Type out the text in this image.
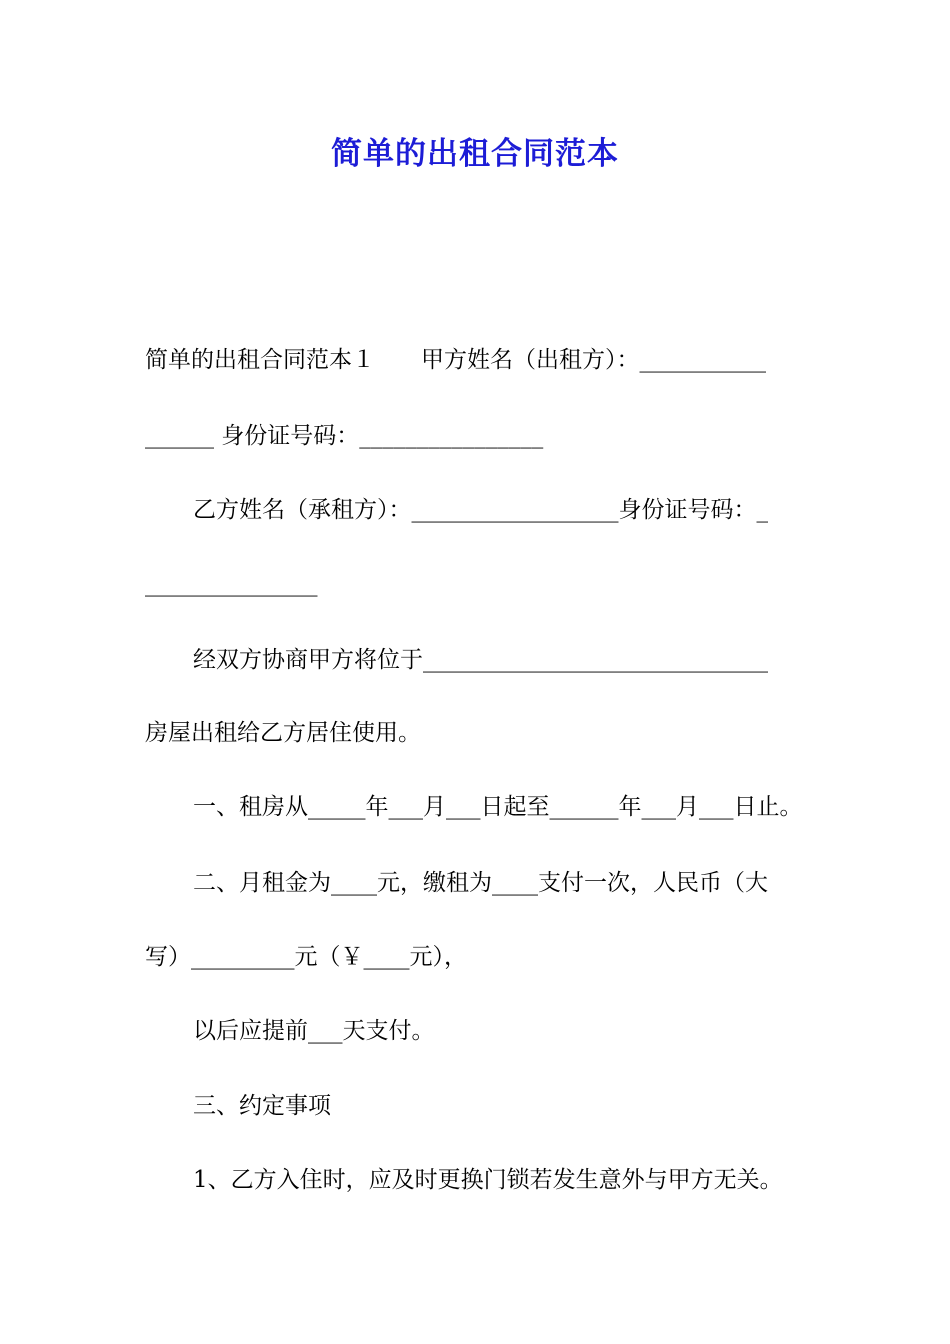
简单的出租合同范本
简单的出租合同范本１　　甲方姓名（出租方）：___________
______ 身份证号码：________________
乙方姓名（承租方）：__________________身份证号码：_
_______________
经双方协商甲方将位于______________________________
房屋出租给乙方居住使用。
一、租房从_____年___月___日起至______年___月___日止。
二、月租金为____元，缴租为____支付一次，人民币（大
写）_________元（￥____元），
以后应提前___天支付。
三、约定事项
1、乙方入住时，应及时更换门锁若发生意外与甲方无关。
